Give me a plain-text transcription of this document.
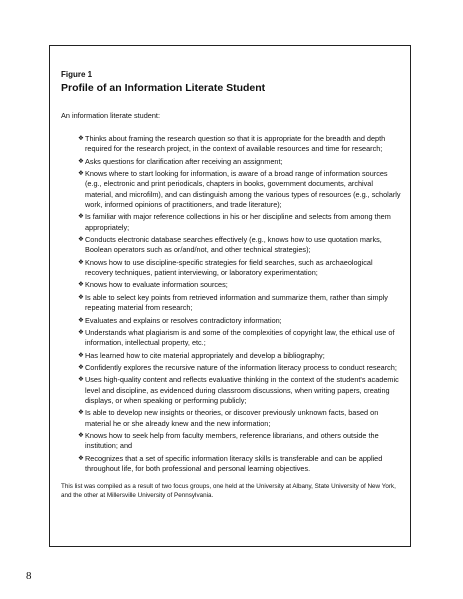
Figure 1

Profile of an Information Literate Student

An information literate student:

❖ Thinks about framing the research question so that it is appropriate for the breadth and depth required for the research project, in the context of available resources and time for research;
❖ Asks questions for clarification after receiving an assignment;
❖ Knows where to start looking for information, is aware of a broad range of information sources (e.g., electronic and print periodicals, chapters in books, government documents, archival material, and microfilm), and can distinguish among the various types of resources (e.g., scholarly work, informed opinions of practitioners, and trade literature);
❖ Is familiar with major reference collections in his or her discipline and selects from among them appropriately;
❖ Conducts electronic database searches effectively (e.g., knows how to use quotation marks, Boolean operators such as or/and/not, and other technical strategies);
❖ Knows how to use discipline-specific strategies for field searches, such as archaeological recovery techniques, patient interviewing, or laboratory experimentation;
❖ Knows how to evaluate information sources;
❖ Is able to select key points from retrieved information and summarize them, rather than simply repeating material from research;
❖ Evaluates and explains or resolves contradictory information;
❖ Understands what plagiarism is and some of the complexities of copyright law, the ethical use of information, intellectual property, etc.;
❖ Has learned how to cite material appropriately and develop a bibliography;
❖ Confidently explores the recursive nature of the information literacy process to conduct research;
❖ Uses high-quality content and reflects evaluative thinking in the context of the student's academic level and discipline, as evidenced during classroom discussions, when writing papers, creating displays, or when speaking or performing publicly;
❖ Is able to develop new insights or theories, or discover previously unknown facts, based on material he or she already knew and the new information;
❖ Knows how to seek help from faculty members, reference librarians, and others outside the institution; and
❖ Recognizes that a set of specific information literacy skills is transferable and can be applied throughout life, for both professional and personal learning objectives.

This list was compiled as a result of two focus groups, one held at the University at Albany, State University of New York, and the other at Millersville University of Pennsylvania.

8
